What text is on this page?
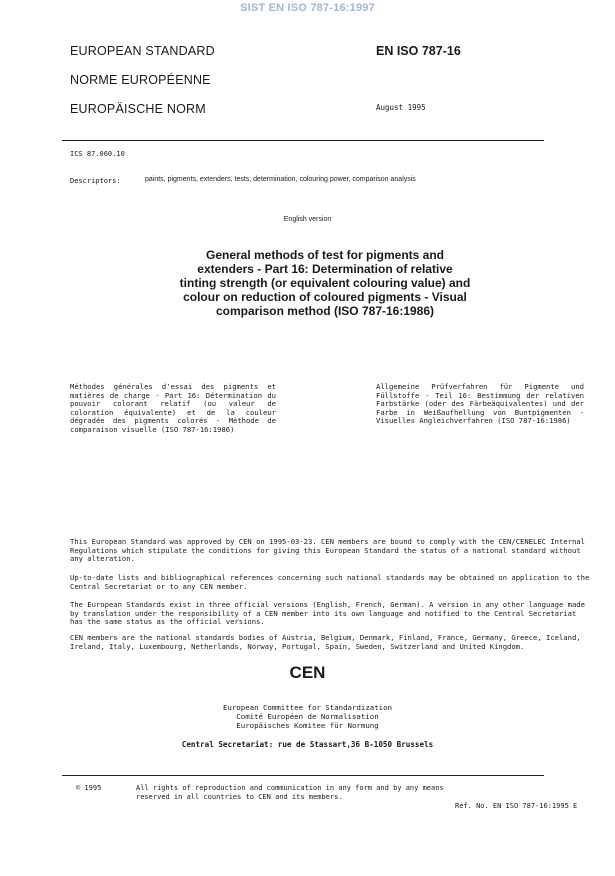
SIST EN ISO 787-16:1997
EUROPEAN STANDARD
NORME EUROPÉENNE
EUROPÄISCHE NORM
EN ISO 787-16
August 1995
ICS 87.060.10
Descriptors:	paints, pigments, extenders, tests, determination, colouring power, comparison analysis
English version
General methods of test for pigments and
extenders - Part 16: Determination of relative
tinting strength (or equivalent colouring value) and
colour on reduction of coloured pigments - Visual
comparison method (ISO 787-16:1986)
Méthodes générales d'essai des pigments et matières de charge - Part 16: Détermination du pouvoir colorant relatif (ou valeur de coloration équivalente) et de la couleur dégradée des pigments colorés - Méthode de comparaison visuelle (ISO 787-16:1986)
Allgemeine Prüfverfahren für Pigmente und Füllstoffe - Teil 16: Bestimmung der relativen Farbstärke (oder des Färbeäquivalentes) und der Farbe in Weißaufhellung von Buntpigmenten - Visuelles Angleichverfahren (ISO 787-16:1986)
This European Standard was approved by CEN on 1995-03-23. CEN members are bound to comply with the CEN/CENELEC Internal Regulations which stipulate the conditions for giving this European Standard the status of a national standard without any alteration.
Up-to-date lists and bibliographical references concerning such national standards may be obtained on application to the Central Secretariat or to any CEN member.
The European Standards exist in three official versions (English, French, German). A version in any other language made by translation under the responsibility of a CEN member into its own language and notified to the Central Secretariat has the same status as the official versions.
CEN members are the national standards bodies of Austria, Belgium, Denmark, Finland, France, Germany, Greece, Iceland, Ireland, Italy, Luxembourg, Netherlands, Norway, Portugal, Spain, Sweden, Switzerland and United Kingdom.
CEN
European Committee for Standardization
Comité Européen de Normalisation
Europäisches Komitee für Normung
Central Secretariat: rue de Stassart,36 B-1050 Brussels
© 1995	All rights of reproduction and communication in any form and by any means reserved in all countries to CEN and its members.
Ref. No. EN ISO 787-16:1995 E
